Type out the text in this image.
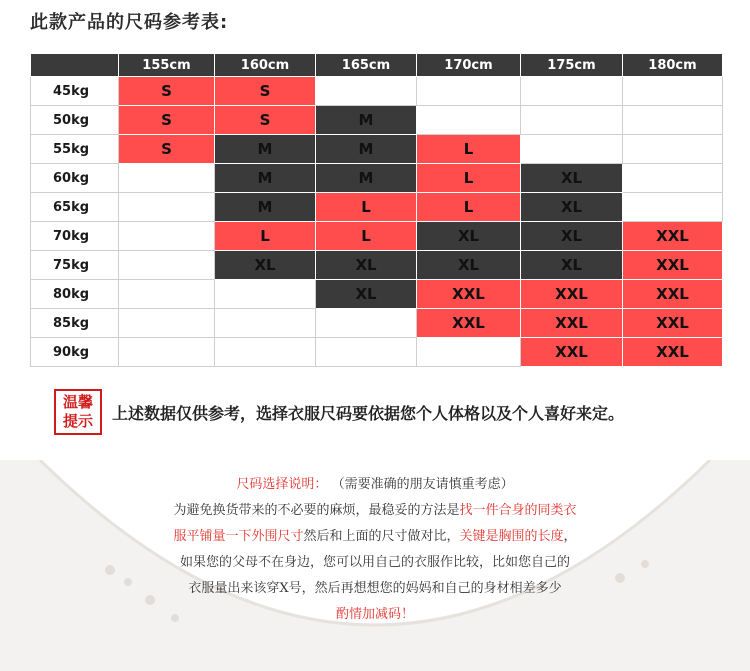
此款产品的尺码参考表:
	155cm	160cm	165cm	170cm	175cm	180cm
45kg	S	S				
50kg	S	S	M			
55kg	S	M	M	L		
60kg		M	M	L	XL	
65kg		M	L	L	XL	
70kg		L	L	XL	XL	XXL
75kg		XL	XL	XL	XL	XXL
80kg			XL	XXL	XXL	XXL
85kg				XXL	XXL	XXL
90kg					XXL	XXL
温馨
提示 上述数据仅供参考，选择衣服尺码要依据您个人体格以及个人喜好来定。
尺码选择说明： （需要准确的朋友请慎重考虑）
为避免换货带来的不必要的麻烦，最稳妥的方法是找一件合身的同类衣
服平铺量一下外围尺寸然后和上面的尺寸做对比，关键是胸围的长度，
如果您的父母不在身边，您可以用自己的衣服作比较，比如您自己的
衣服量出来该穿X号，然后再想想您的妈妈和自己的身材相差多少
酌情加减码！
